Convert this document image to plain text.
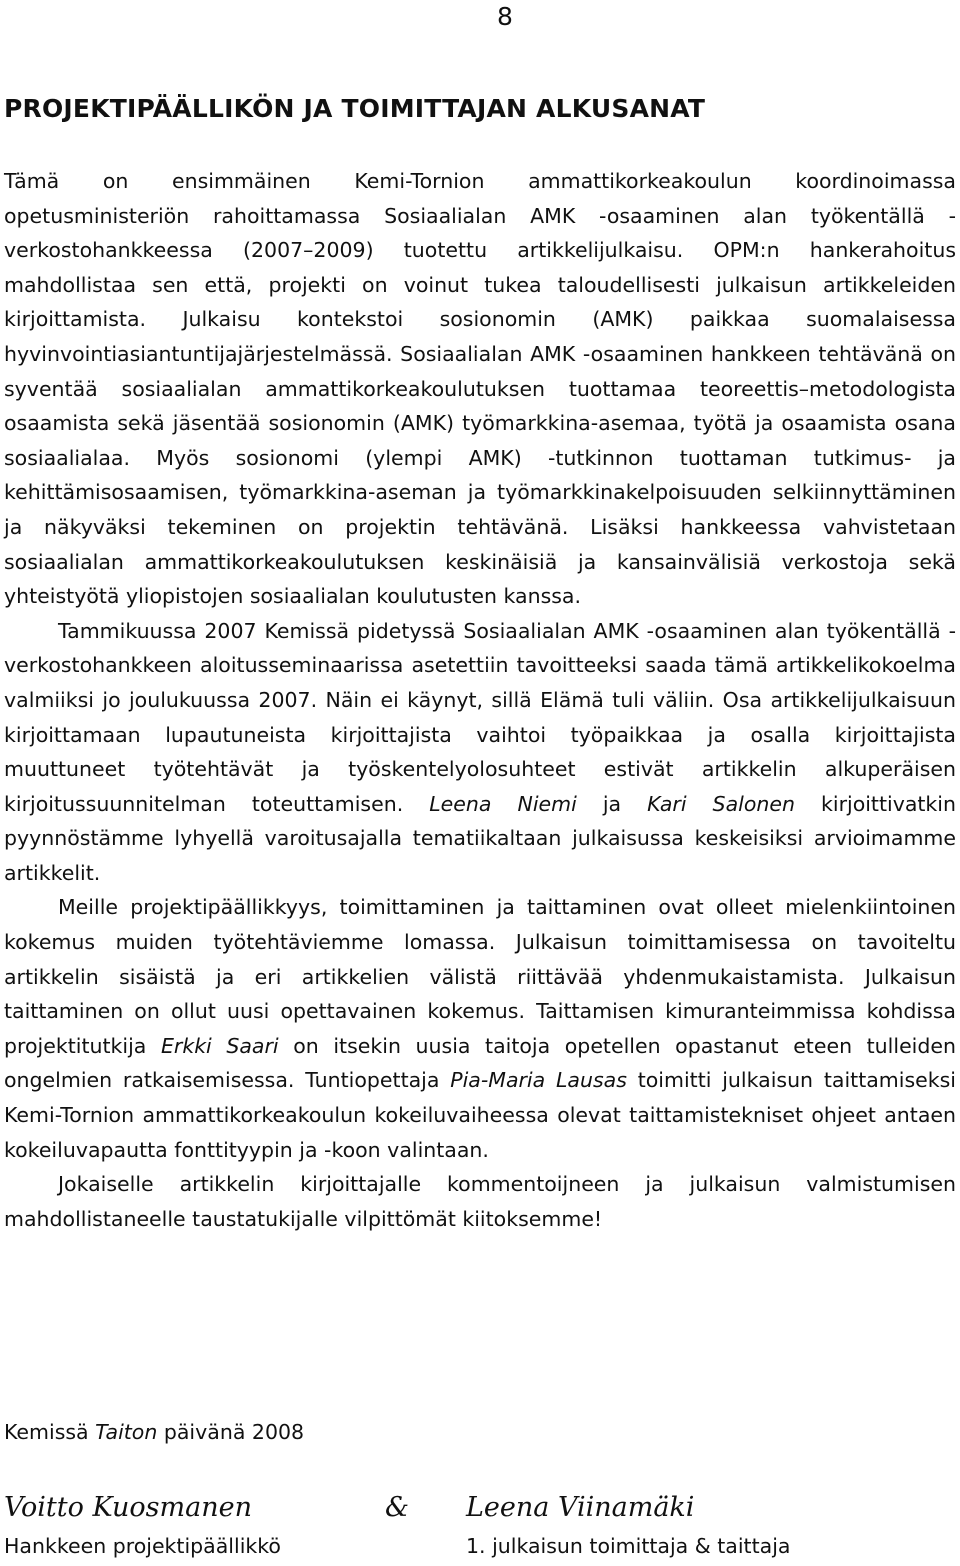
8
PROJEKTIPÄÄLLIKÖN JA TOIMITTAJAN ALKUSANAT

Tämä on ensimmäinen Kemi-Tornion ammattikorkeakoulun koordinoimassa opetusministeriön rahoittamassa Sosiaalialan AMK -osaaminen alan työkentällä -verkostohankkeessa (2007–2009) tuotettu artikkelijulkaisu. OPM:n hankerahoitus mahdollistaa sen että, projekti on voinut tukea taloudellisesti julkaisun artikkeleiden kirjoittamista. Julkaisu kontekstoi sosionomin (AMK) paikkaa suomalaisessa hyvinvointiasiantuntijajärjestelmässä. Sosiaalialan AMK -osaaminen hankkeen tehtävänä on syventää sosiaalialan ammattikorkeakoulutuksen tuottamaa teoreettis–metodologista osaamista sekä jäsentää sosionomin (AMK) työmarkkina-asemaa, työtä ja osaamista osana sosiaalialaa. Myös sosionomi (ylempi AMK) -tutkinnon tuottaman tutkimus- ja kehittämisosaamisen, työmarkkina-aseman ja työmarkkinakelpoisuuden selkiinnyttäminen ja näkyväksi tekeminen on projektin tehtävänä. Lisäksi hankkeessa vahvistetaan sosiaalialan ammattikorkeakoulutuksen keskinäisiä ja kansainvälisiä verkostoja sekä yhteistyötä yliopistojen sosiaalialan koulutusten kanssa.

Tammikuussa 2007 Kemissä pidetyssä Sosiaalialan AMK -osaaminen alan työkentällä -verkostohankkeen aloitusseminaarissa asetettiin tavoitteeksi saada tämä artikkelikokoelma valmiiksi jo joulukuussa 2007. Näin ei käynyt, sillä Elämä tuli väliin. Osa artikkelijulkaisuun kirjoittamaan lupautuneista kirjoittajista vaihtoi työpaikkaa ja osalla kirjoittajista muuttuneet työtehtävät ja työskentelyolosuhteet estivät artikkelin alkuperäisen kirjoitussuunnitelman toteuttamisen. Leena Niemi ja Kari Salonen kirjoittivatkin pyynnöstämme lyhyellä varoitusajalla tematiikaltaan julkaisussa keskeisiksi arvioimamme artikkelit.

Meille projektipäällikkyys, toimittaminen ja taittaminen ovat olleet mielenkiintoinen kokemus muiden työtehtäviemme lomassa. Julkaisun toimittamisessa on tavoiteltu artikkelin sisäistä ja eri artikkelien välistä riittävää yhdenmukaistamista. Julkaisun taittaminen on ollut uusi opettavainen kokemus. Taittamisen kimuranteimmissa kohdissa projektitutkija Erkki Saari on itsekin uusia taitoja opetellen opastanut eteen tulleiden ongelmien ratkaisemisessa. Tuntiopettaja Pia-Maria Lausas toimitti julkaisun taittamiseksi Kemi-Tornion ammattikorkeakoulun kokeiluvaiheessa olevat taittamistekniset ohjeet antaen kokeiluvapautta fonttityypin ja -koon valintaan.

Jokaiselle artikkelin kirjoittajalle kommentoijneen ja julkaisun valmistumisen mahdollistaneelle taustatukijalle vilpittömät kiitoksemme!

Kemissä Taiton päivänä 2008
Voitto Kuosmanen	& Leena Viinamäki
Hankkeen projektipäällikkö	1. julkaisun toimittaja & taittaja
